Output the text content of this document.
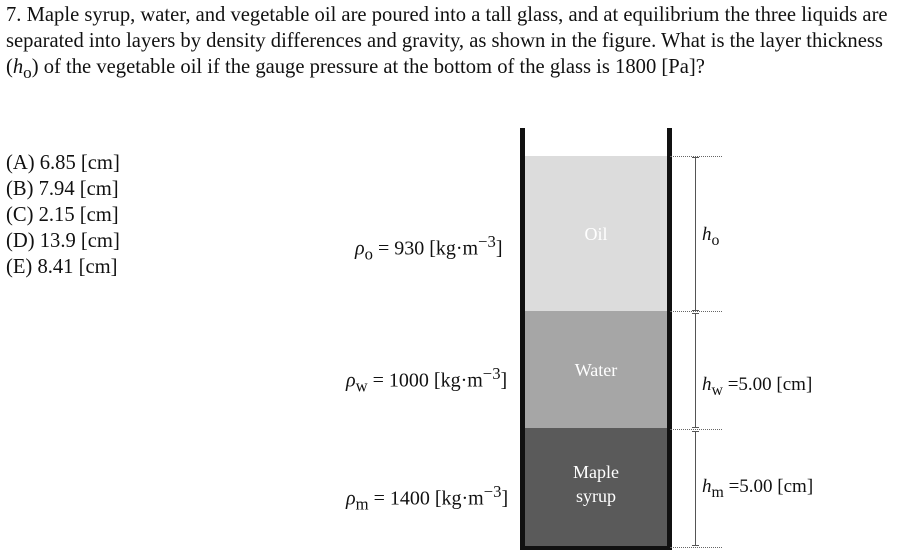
7. Maple syrup, water, and vegetable oil are poured into a tall glass, and at equilibrium the three liquids are separated into layers by density differences and gravity, as shown in the figure. What is the layer thickness $(h_o)$ of the vegetable oil if the gauge pressure at the bottom of the glass is 1800 [Pa]?

(A) 6.85 [cm]
(B) 7.94 [cm]
(C) 2.15 [cm]
(D) 13.9 [cm]
(E) 8.41 [cm]
$\rho_o = 930$ $[kg\cdot m^{-3}]$
$\rho_w = 1000$ $[kg\cdot m^{-3}]$
$\rho_m = 1400$ $[kg\cdot m^{-3}]$
Oil
Water
Maple
syrup
$h_o$
$h_w =5.00$ [cm]
$h_m =5.00$ [cm]
